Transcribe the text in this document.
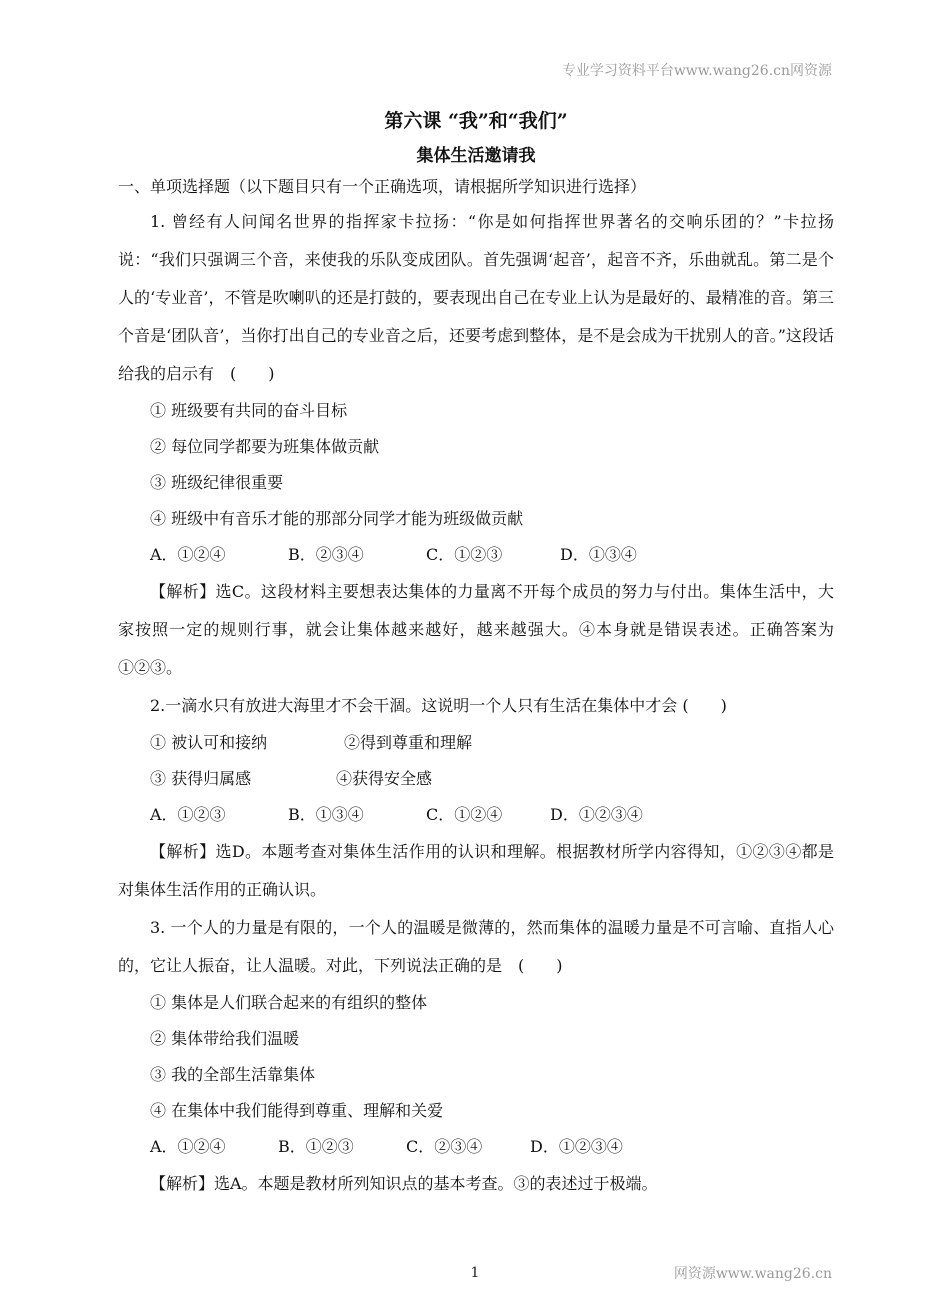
专业学习资料平台www.wang26.cn网资源
第六课 “我”和“我们”
集体生活邀请我

一、单项选择题（以下题目只有一个正确选项，请根据所学知识进行选择）

1. 曾经有人问闻名世界的指挥家卡拉扬：“你是如何指挥世界著名的交响乐团的？”卡拉扬说：“我们只强调三个音，来使我的乐队变成团队。首先强调‘起音’，起音不齐，乐曲就乱。第二是个人的‘专业音’，不管是吹喇叭的还是打鼓的，要表现出自己在专业上认为是最好的、最精准的音。第三个音是‘团队音’，当你打出自己的专业音之后，还要考虑到整体，是不是会成为干扰别人的音。”这段话给我的启示有　(　　)

① 班级要有共同的奋斗目标

② 每位同学都要为班集体做贡献

③ 班级纪律很重要

④ 班级中有音乐才能的那部分同学才能为班级做贡献

A．①②④	B．②③④	C．①②③	D．①③④

【解析】选C。这段材料主要想表达集体的力量离不开每个成员的努力与付出。集体生活中，大家按照一定的规则行事，就会让集体越来越好，越来越强大。④本身就是错误表述。正确答案为①②③。

2.一滴水只有放进大海里才不会干涸。这说明一个人只有生活在集体中才会 (　　)

① 被认可和接纳	②得到尊重和理解
③ 获得归属感	④获得安全感
A．①②③	B．①③④	C．①②④	D．①②③④

【解析】选D。本题考查对集体生活作用的认识和理解。根据教材所学内容得知，①②③④都是对集体生活作用的正确认识。

3. 一个人的力量是有限的，一个人的温暖是微薄的，然而集体的温暖力量是不可言喻、直指人心的，它让人振奋，让人温暖。对此，下列说法正确的是　(　　)

① 集体是人们联合起来的有组织的整体

② 集体带给我们温暖

③ 我的全部生活靠集体

④ 在集体中我们能得到尊重、理解和关爱

A．①②④	B．①②③	C．②③④	D．①②③④

【解析】选A。本题是教材所列知识点的基本考查。③的表述过于极端。

1	网资源www.wang26.cn
